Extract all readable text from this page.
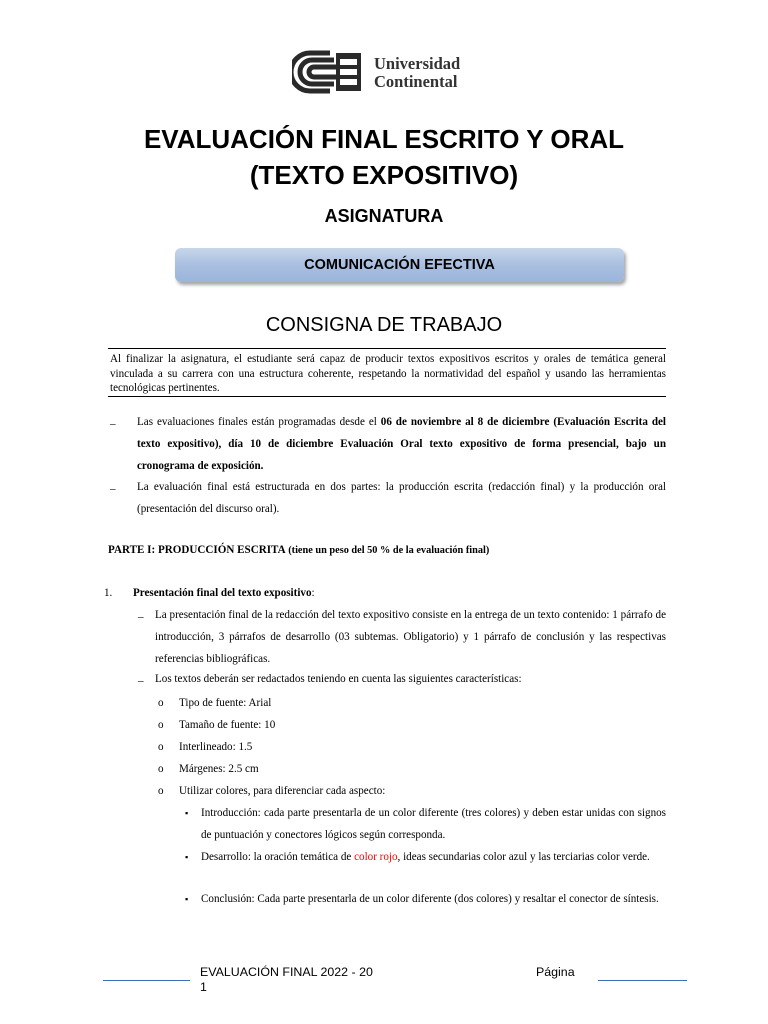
Universidad
Continental
EVALUACIÓN FINAL ESCRITO Y ORAL
(TEXTO EXPOSITIVO)
ASIGNATURA
COMUNICACIÓN EFECTIVA
CONSIGNA DE TRABAJO
Al finalizar la asignatura, el estudiante será capaz de producir textos expositivos escritos y orales de temática general vinculada a su carrera con una estructura coherente, respetando la normatividad del español y usando las herramientas tecnológicas pertinentes.
– Las evaluaciones finales están programadas desde el 06 de noviembre al 8 de diciembre (Evaluación Escrita del texto expositivo), día 10 de diciembre Evaluación Oral texto expositivo de forma presencial, bajo un cronograma de exposición.
– La evaluación final está estructurada en dos partes: la producción escrita (redacción final) y la producción oral (presentación del discurso oral).
PARTE I: PRODUCCIÓN ESCRITA (tiene un peso del 50 % de la evaluación final)
1. Presentación final del texto expositivo:
– La presentación final de la redacción del texto expositivo consiste en la entrega de un texto contenido: 1 párrafo de introducción, 3 párrafos de desarrollo (03 subtemas. Obligatorio) y 1 párrafo de conclusión y las respectivas referencias bibliográficas.
– Los textos deberán ser redactados teniendo en cuenta las siguientes características:
o Tipo de fuente: Arial
o Tamaño de fuente: 10
o Interlineado: 1.5
o Márgenes: 2.5 cm
o Utilizar colores, para diferenciar cada aspecto:
▪ Introducción: cada parte presentarla de un color diferente (tres colores) y deben estar unidas con signos de puntuación y conectores lógicos según corresponda.
▪ Desarrollo: la oración temática de color rojo, ideas secundarias color azul y las terciarias color verde.
▪ Conclusión: Cada parte presentarla de un color diferente (dos colores) y resaltar el conector de síntesis.
EVALUACIÓN FINAL 2022 - 20
1
Página
